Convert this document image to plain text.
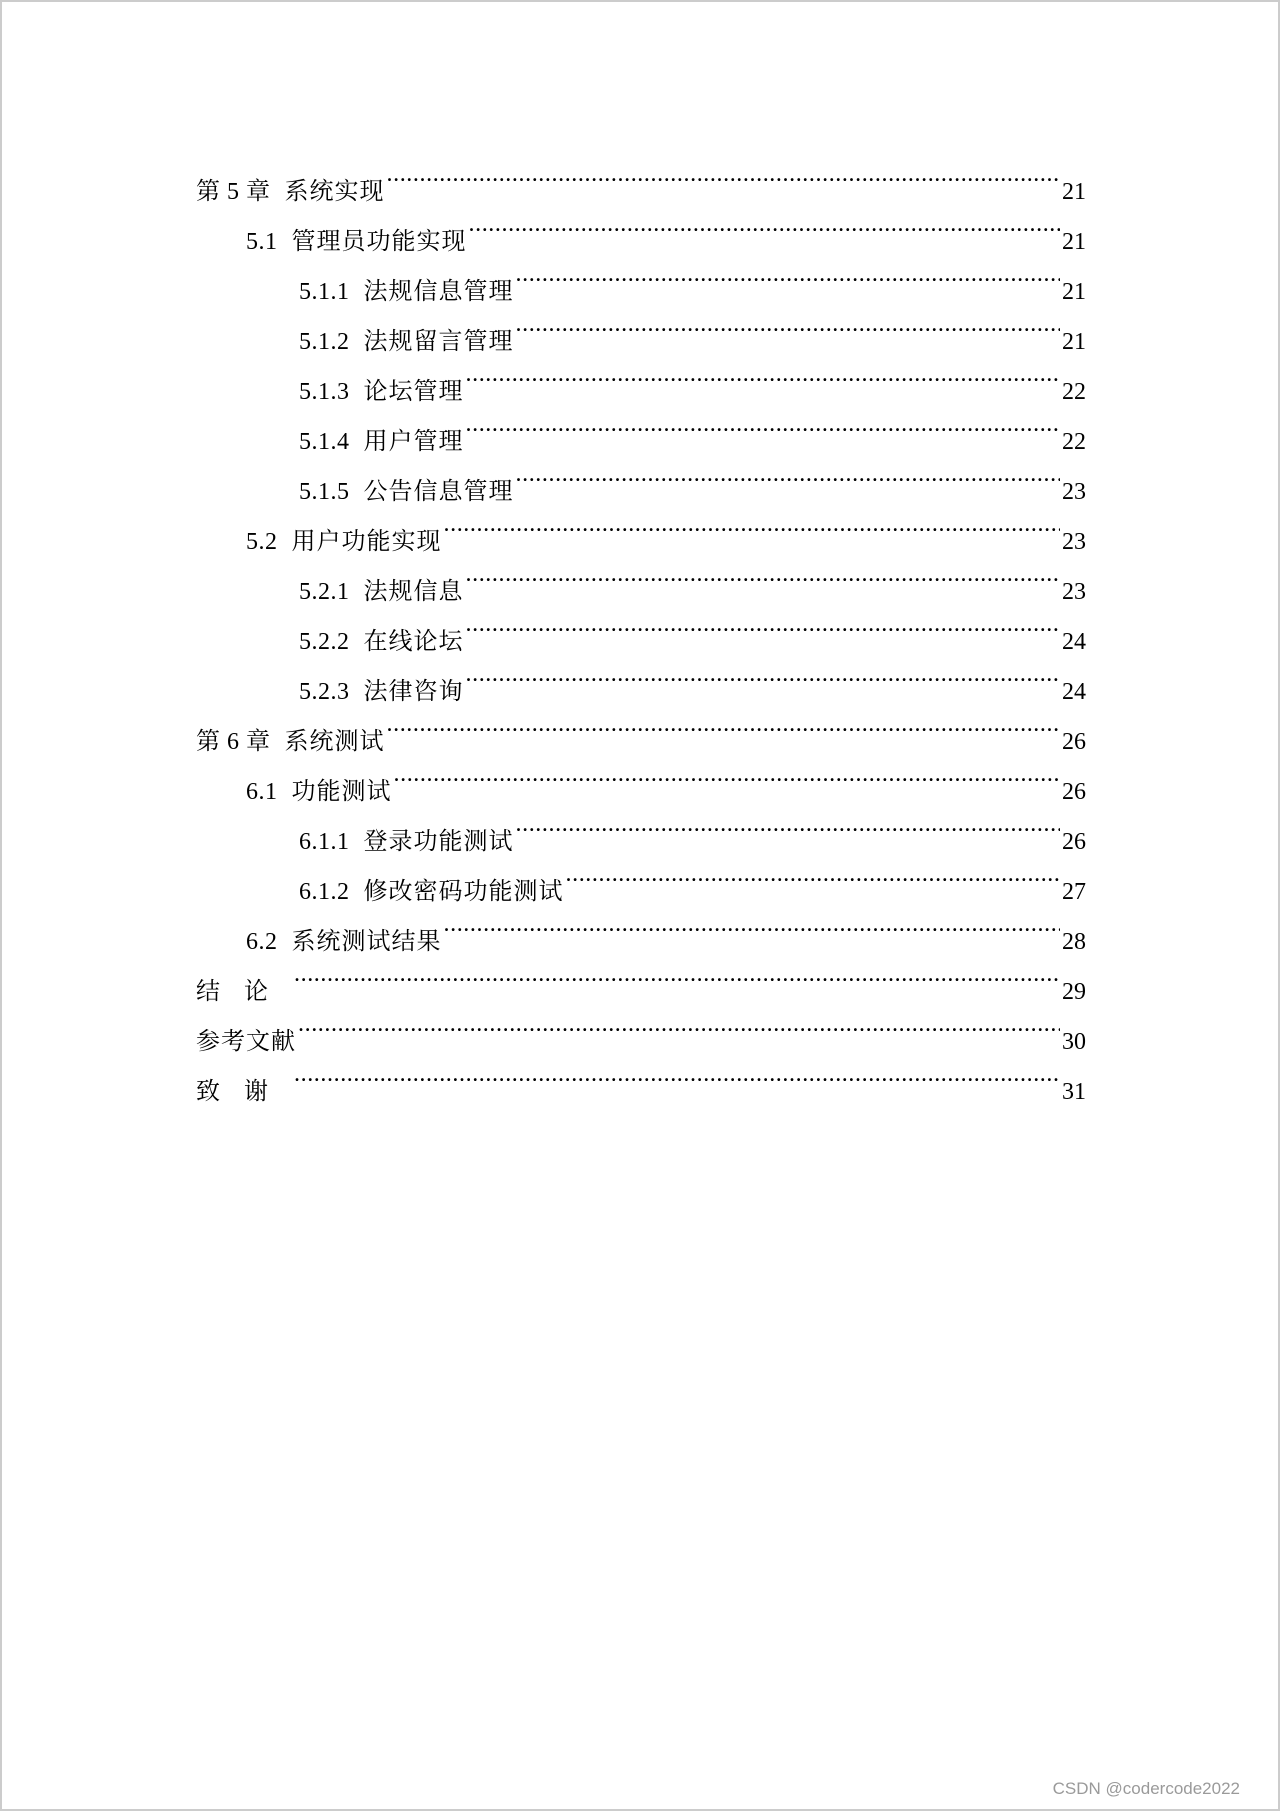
第 5 章 系统实现 .....	21
5.1 管理员功能实现 .....	21
5.1.1 法规信息管理 .....	21
5.1.2 法规留言管理 .....	21
5.1.3 论坛管理 .....	22
5.1.4 用户管理 .....	22
5.1.5 公告信息管理 .....	23
5.2 用户功能实现 .....	23
5.2.1 法规信息 .....	23
5.2.2 在线论坛 .....	24
5.2.3 法律咨询 .....	24
第 6 章 系统测试 .....	26
6.1 功能测试 .....	26
6.1.1 登录功能测试 .....	26
6.1.2 修改密码功能测试 .....	27
6.2 系统测试结果 .....	28
结论 .....	29
参考文献 .....	30
致谢 .....	31
CSDN @codercode2022
